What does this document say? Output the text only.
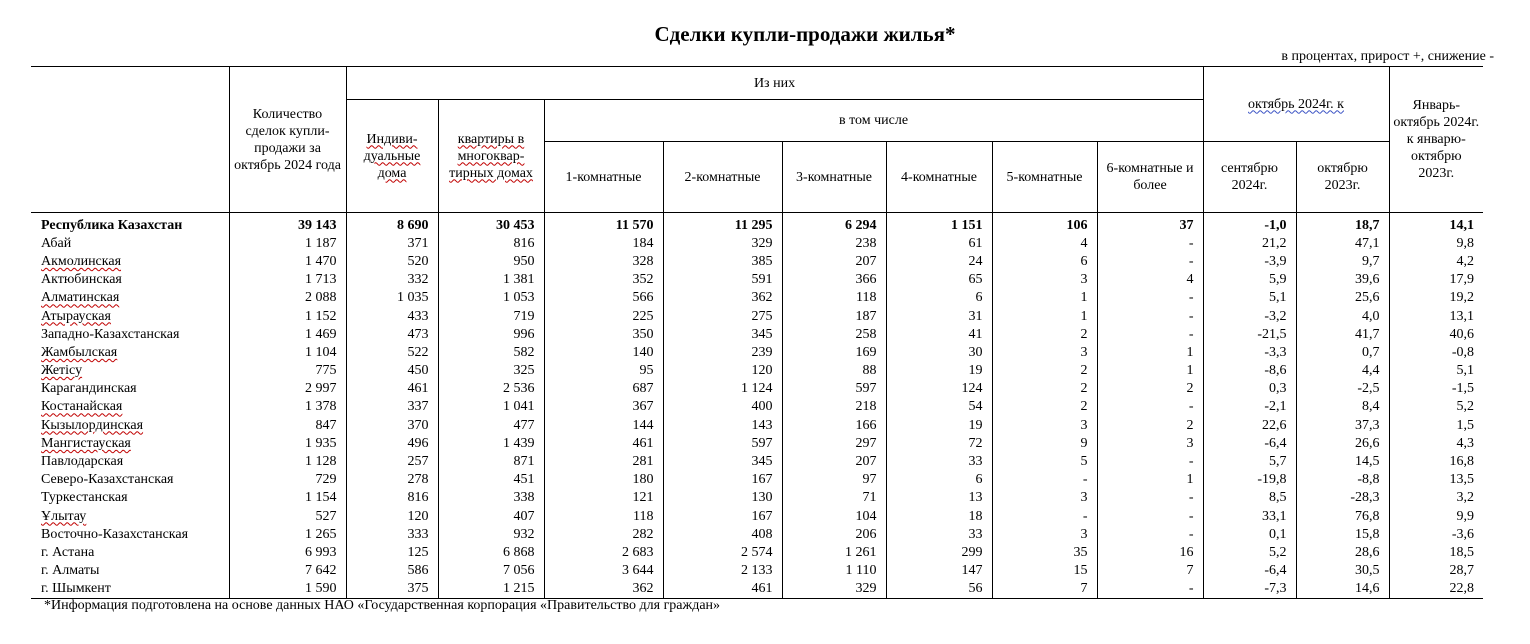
Сделки купли-продажи жилья*
в процентах, прирост +, снижение -
	Количество сделок купли-продажи за октябрь 2024 года	Из них								октябрь 2024г. к		Январь-октябрь 2024г. к январю-октябрю 2023г.
		Индиви-дуальные дома	квартиры в многоквар-тирных домах	в том числе								
				1-комнатные	2-комнатные	3-комнатные	4-комнатные	5-комнатные	6-комнатные и более	сентябрю 2024г.	октябрю 2023г.	
Республика Казахстан	39 143	8 690	30 453	11 570	11 295	6 294	1 151	106	37	-1,0	18,7	14,1
Абай	1 187	371	816	184	329	238	61	4	-	21,2	47,1	9,8
Акмолинская	1 470	520	950	328	385	207	24	6	-	-3,9	9,7	4,2
Актюбинская	1 713	332	1 381	352	591	366	65	3	4	5,9	39,6	17,9
Алматинская	2 088	1 035	1 053	566	362	118	6	1	-	5,1	25,6	19,2
Атырауская	1 152	433	719	225	275	187	31	1	-	-3,2	4,0	13,1
Западно-Казахстанская	1 469	473	996	350	345	258	41	2	-	-21,5	41,7	40,6
Жамбылская	1 104	522	582	140	239	169	30	3	1	-3,3	0,7	-0,8
Жетісу	775	450	325	95	120	88	19	2	1	-8,6	4,4	5,1
Карагандинская	2 997	461	2 536	687	1 124	597	124	2	2	0,3	-2,5	-1,5
Костанайская	1 378	337	1 041	367	400	218	54	2	-	-2,1	8,4	5,2
Кызылординская	847	370	477	144	143	166	19	3	2	22,6	37,3	1,5
Мангистауская	1 935	496	1 439	461	597	297	72	9	3	-6,4	26,6	4,3
Павлодарская	1 128	257	871	281	345	207	33	5	-	5,7	14,5	16,8
Северо-Казахстанская	729	278	451	180	167	97	6	-	1	-19,8	-8,8	13,5
Туркестанская	1 154	816	338	121	130	71	13	3	-	8,5	-28,3	3,2
Ұлытау	527	120	407	118	167	104	18	-	-	33,1	76,8	9,9
Восточно-Казахстанская	1 265	333	932	282	408	206	33	3	-	0,1	15,8	-3,6
г. Астана	6 993	125	6 868	2 683	2 574	1 261	299	35	16	5,2	28,6	18,5
г. Алматы	7 642	586	7 056	3 644	2 133	1 110	147	15	7	-6,4	30,5	28,7
г. Шымкент	1 590	375	1 215	362	461	329	56	7	-	-7,3	14,6	22,8
*Информация подготовлена на основе данных НАО «Государственная корпорация «Правительство для граждан»
